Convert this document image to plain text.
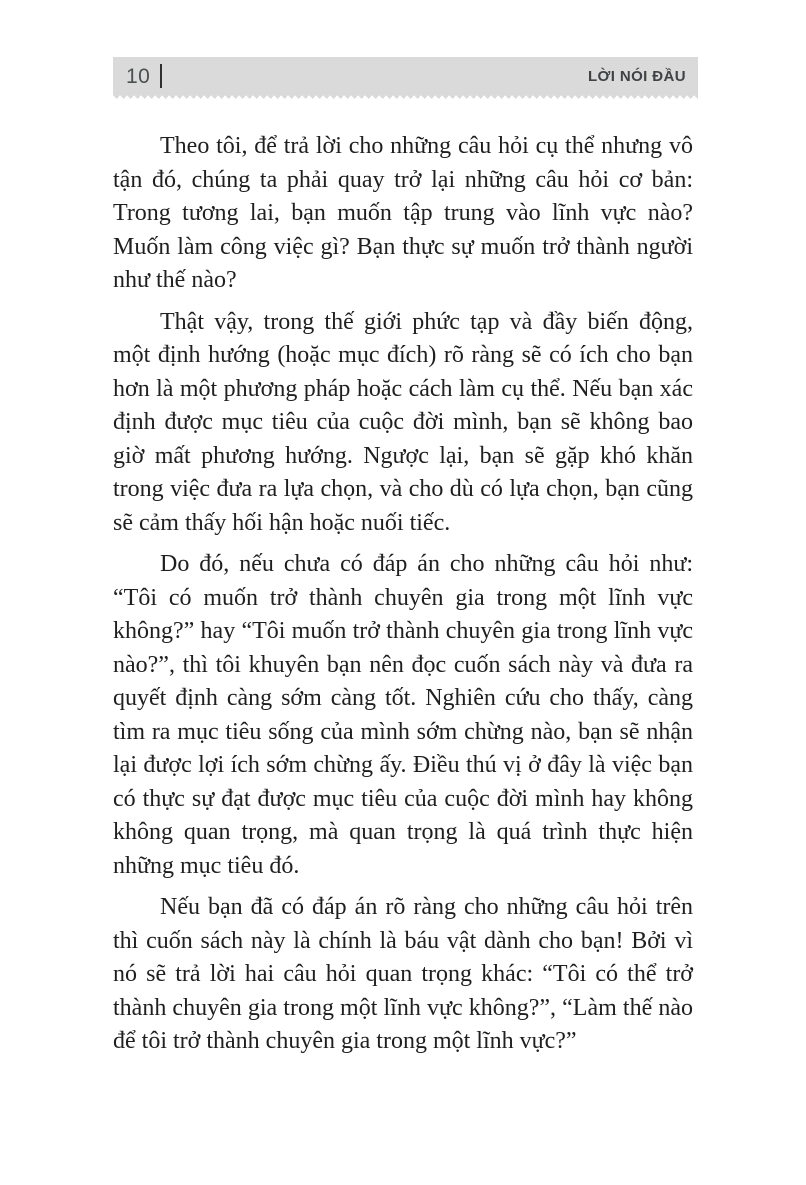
10	LỜI NÓI ĐẦU

Theo tôi, để trả lời cho những câu hỏi cụ thể nhưng vô tận đó, chúng ta phải quay trở lại những câu hỏi cơ bản: Trong tương lai, bạn muốn tập trung vào lĩnh vực nào? Muốn làm công việc gì? Bạn thực sự muốn trở thành người như thế nào?

Thật vậy, trong thế giới phức tạp và đầy biến động, một định hướng (hoặc mục đích) rõ ràng sẽ có ích cho bạn hơn là một phương pháp hoặc cách làm cụ thể. Nếu bạn xác định được mục tiêu của cuộc đời mình, bạn sẽ không bao giờ mất phương hướng. Ngược lại, bạn sẽ gặp khó khăn trong việc đưa ra lựa chọn, và cho dù có lựa chọn, bạn cũng sẽ cảm thấy hối hận hoặc nuối tiếc.

Do đó, nếu chưa có đáp án cho những câu hỏi như: “Tôi có muốn trở thành chuyên gia trong một lĩnh vực không?” hay “Tôi muốn trở thành chuyên gia trong lĩnh vực nào?”, thì tôi khuyên bạn nên đọc cuốn sách này và đưa ra quyết định càng sớm càng tốt. Nghiên cứu cho thấy, càng tìm ra mục tiêu sống của mình sớm chừng nào, bạn sẽ nhận lại được lợi ích sớm chừng ấy. Điều thú vị ở đây là việc bạn có thực sự đạt được mục tiêu của cuộc đời mình hay không không quan trọng, mà quan trọng là quá trình thực hiện những mục tiêu đó.

Nếu bạn đã có đáp án rõ ràng cho những câu hỏi trên thì cuốn sách này là chính là báu vật dành cho bạn! Bởi vì nó sẽ trả lời hai câu hỏi quan trọng khác: “Tôi có thể trở thành chuyên gia trong một lĩnh vực không?”, “Làm thế nào để tôi trở thành chuyên gia trong một lĩnh vực?”
